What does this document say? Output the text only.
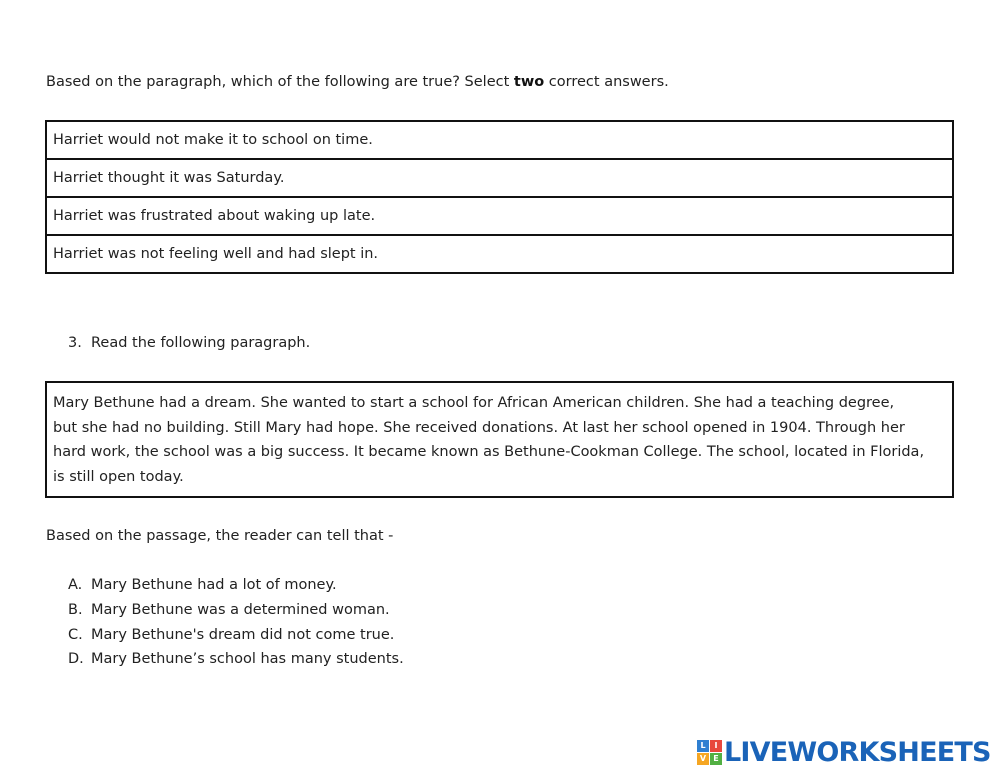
Based on the paragraph, which of the following are true? Select two correct answers.
Harriet would not make it to school on time.
Harriet thought it was Saturday.
Harriet was frustrated about waking up late.
Harriet was not feeling well and had slept in.
3. Read the following paragraph.

Mary Bethune had a dream. She wanted to start a school for African American children. She had a teaching degree,

but she had no building. Still Mary had hope. She received donations. At last her school opened in 1904. Through her

hard work, the school was a big success. It became known as Bethune-Cookman College. The school, located in Florida,

is still open today.

Based on the passage, the reader can tell that -
A. Mary Bethune had a lot of money.
B. Mary Bethune was a determined woman.
C. Mary Bethune's dream did not come true.
D. Mary Bethune’s school has many students.
L	I
V E LIVEWORKSHEETS
